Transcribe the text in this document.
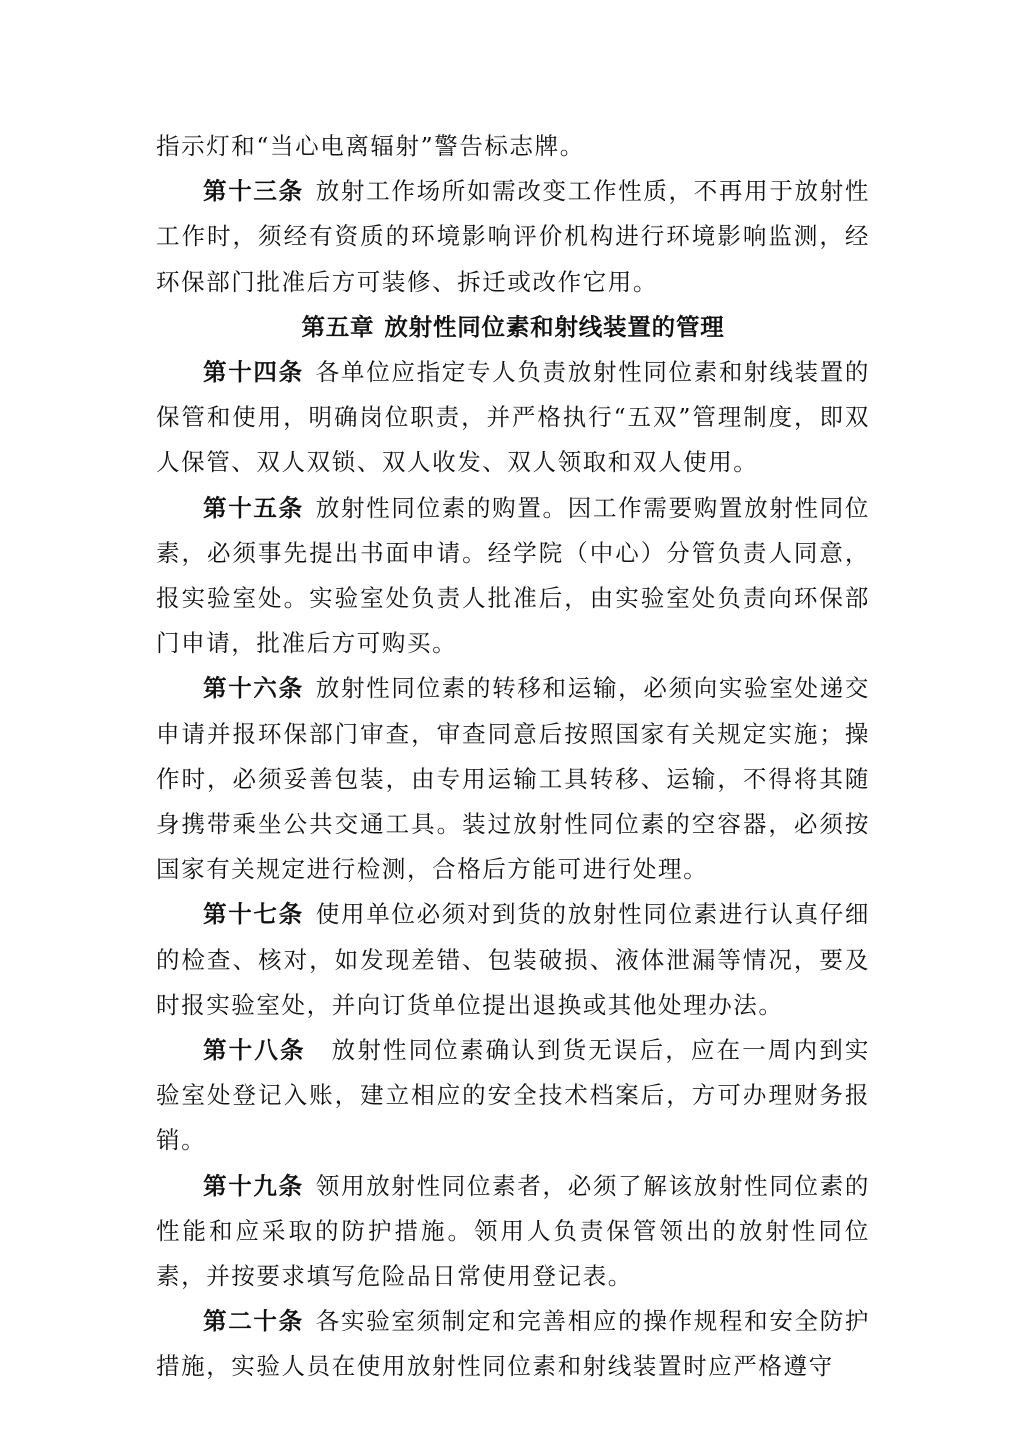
指示灯和“当心电离辐射”警告标志牌。

第十三条 放射工作场所如需改变工作性质，不再用于放射性工作时，须经有资质的环境影响评价机构进行环境影响监测，经环保部门批准后方可装修、拆迁或改作它用。

第五章 放射性同位素和射线装置的管理

第十四条 各单位应指定专人负责放射性同位素和射线装置的保管和使用，明确岗位职责，并严格执行“五双”管理制度，即双人保管、双人双锁、双人收发、双人领取和双人使用。

第十五条 放射性同位素的购置。因工作需要购置放射性同位素，必须事先提出书面申请。经学院（中心）分管负责人同意，报实验室处。实验室处负责人批准后，由实验室处负责向环保部门申请，批准后方可购买。

第十六条 放射性同位素的转移和运输，必须向实验室处递交申请并报环保部门审查，审查同意后按照国家有关规定实施；操作时，必须妥善包装，由专用运输工具转移、运输，不得将其随身携带乘坐公共交通工具。装过放射性同位素的空容器，必须按国家有关规定进行检测，合格后方能可进行处理。

第十七条 使用单位必须对到货的放射性同位素进行认真仔细的检查、核对，如发现差错、包装破损、液体泄漏等情况，要及时报实验室处，并向订货单位提出退换或其他处理办法。

第十八条 放射性同位素确认到货无误后，应在一周内到实验室处登记入账，建立相应的安全技术档案后，方可办理财务报销。

第十九条 领用放射性同位素者，必须了解该放射性同位素的性能和应采取的防护措施。领用人负责保管领出的放射性同位素，并按要求填写危险品日常使用登记表。

第二十条 各实验室须制定和完善相应的操作规程和安全防护措施，实验人员在使用放射性同位素和射线装置时应严格遵守
